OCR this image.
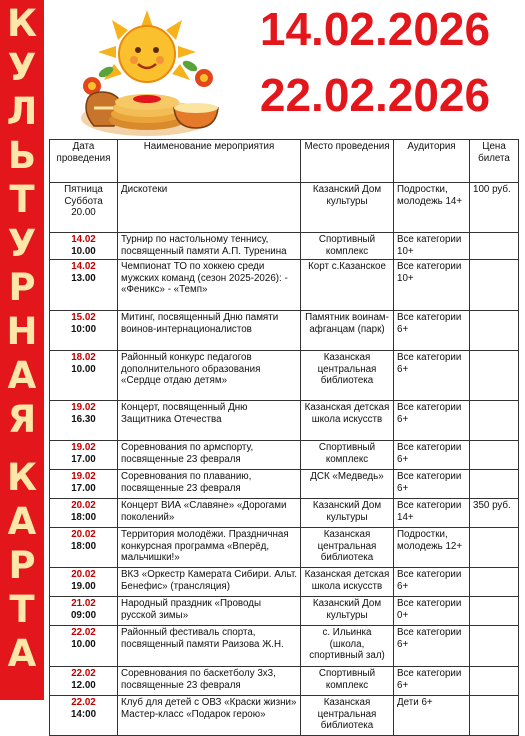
К
У
Л
Ь
Т
У
Р
Н
А
Я
К
А
Р
Т
А
14.02.2026
22.02.2026
Дата проведения	Наименование мероприятия	Место проведения	Аудитория	Цена билета

Пятница Суббота
20.00	Дискотеки	Казанский Дом культуры	Подростки, молодежь 14+	100 руб.

14.02
10.00	Турнир по настольному теннису, посвященный памяти А.П. Туренина	Спортивный комплекс	Все категории 10+	

14.02
13.00	Чемпионат ТО по хоккею среди мужских команд (сезон 2025-2026): - «Феникс» - «Темп»	Корт с.Казанское	Все категории 10+	

15.02
10:00	Митинг, посвященный Дню памяти воинов-интернационалистов	Памятник воинам-афганцам (парк)	Все категории 6+	

18.02
10.00	Районный конкурс педагогов дополнительного образования «Сердце отдаю детям»	Казанская центральная библиотека	Все категории 6+	

19.02
16.30	Концерт, посвященный Дню Защитника Отечества	Казанская детская школа искусств	Все категории 6+	

19.02
17.00	Соревнования по армспорту, посвященные 23 февраля	Спортивный комплекс	Все категории 6+	

19.02
17.00	Соревнования по плаванию, посвященные 23 февраля	ДСК «Медведь»	Все категории 6+	

20.02
18:00	Концерт ВИА «Славяне» «Дорогами поколений»	Казанский Дом культуры	Все категории 14+	350 руб.

20.02
18:00	Территория молодёжи. Праздничная конкурсная программа «Вперёд, мальчишки!»	Казанская центральная библиотека	Подростки, молодежь 12+	

20.02
19.00	ВКЗ «Оркестр Камерата Сибири. Альт. Бенефис» (трансляция)	Казанская детская школа искусств	Все категории 6+	

21.02
09:00	Народный праздник «Проводы русской зимы»	Казанский Дом культуры	Все категории 0+	

22.02
10.00	Районный фестиваль спорта, посвященный памяти Раизова Ж.Н.	с. Ильинка (школа, спортивный зал)	Все категории 6+	

22.02
12.00	Соревнования по баскетболу 3х3, посвященные 23 февраля	Спортивный комплекс	Все категории 6+	

22.02
14:00	Клуб для детей с ОВЗ «Краски жизни» Мастер-класс «Подарок герою»	Казанская центральная библиотека	Дети 6+	
